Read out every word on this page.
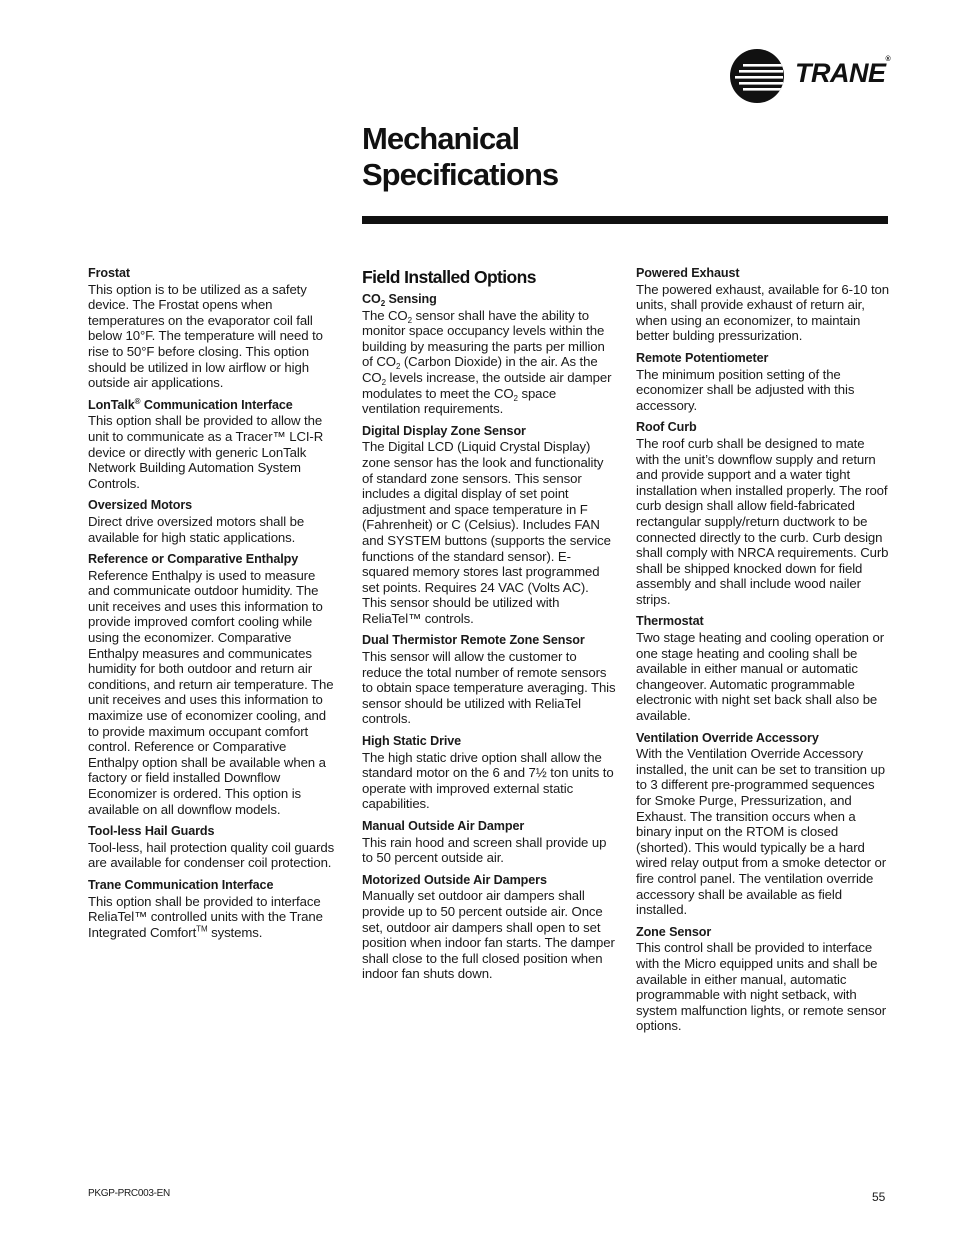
TRANE®
Mechanical
Specifications
Frostat

This option is to be utilized as a safety device. The Frostat opens when temperatures on the evaporator coil fall below 10°F. The temperature will need to rise to 50°F before closing. This option should be utilized in low airflow or high outside air applications.

LonTalk® Communication Interface

This option shall be provided to allow the unit to communicate as a Tracer™ LCI-R device or directly with generic LonTalk Network Building Automation System Controls.

Oversized Motors

Direct drive oversized motors shall be available for high static applications.

Reference or Comparative Enthalpy

Reference Enthalpy is used to measure and communicate outdoor humidity. The unit receives and uses this information to provide improved comfort cooling while using the economizer. Comparative Enthalpy measures and communicates humidity for both outdoor and return air conditions, and return air temperature. The unit receives and uses this information to maximize use of economizer cooling, and to provide maximum occupant comfort control. Reference or Comparative Enthalpy option shall be available when a factory or field installed Downflow Economizer is ordered. This option is available on all downflow models.

Tool-less Hail Guards

Tool-less, hail protection quality coil guards are available for condenser coil protection.

Trane Communication Interface

This option shall be provided to interface ReliaTel™ controlled units with the Trane Integrated Comfort™ systems.

Field Installed Options
$CO_2$ Sensing

The $CO_2$ sensor shall have the ability to monitor space occupancy levels within the building by measuring the parts per million of $CO_2$ (Carbon Dioxide) in the air. As the $CO_2$ levels increase, the outside air damper modulates to meet the $CO_2$ space ventilation requirements.

Digital Display Zone Sensor

The Digital LCD (Liquid Crystal Display) zone sensor has the look and functionality of standard zone sensors. This sensor includes a digital display of set point adjustment and space temperature in F (Fahrenheit) or C (Celsius). Includes FAN and SYSTEM buttons (supports the service functions of the standard sensor). E-squared memory stores last programmed set points. Requires 24 VAC (Volts AC). This sensor should be utilized with ReliaTel™ controls.

Dual Thermistor Remote Zone Sensor

This sensor will allow the customer to reduce the total number of remote sensors to obtain space temperature averaging. This sensor should be utilized with ReliaTel controls.

High Static Drive

The high static drive option shall allow the standard motor on the 6 and 7½ ton units to operate with improved external static capabilities.

Manual Outside Air Damper

This rain hood and screen shall provide up to 50 percent outside air.

Motorized Outside Air Dampers

Manually set outdoor air dampers shall provide up to 50 percent outside air. Once set, outdoor air dampers shall open to set position when indoor fan starts. The damper shall close to the full closed position when indoor fan shuts down.

Powered Exhaust

The powered exhaust, available for 6-10 ton units, shall provide exhaust of return air, when using an economizer, to maintain better bulding pressurization.

Remote Potentiometer

The minimum position setting of the economizer shall be adjusted with this accessory.

Roof Curb

The roof curb shall be designed to mate with the unit’s downflow supply and return and provide support and a water tight installation when installed properly. The roof curb design shall allow field-fabricated rectangular supply/return ductwork to be connected directly to the curb. Curb design shall comply with NRCA requirements. Curb shall be shipped knocked down for field assembly and shall include wood nailer strips.

Thermostat

Two stage heating and cooling operation or one stage heating and cooling shall be available in either manual or automatic changeover. Automatic programmable electronic with night set back shall also be available.

Ventilation Override Accessory

With the Ventilation Override Accessory installed, the unit can be set to transition up to 3 different pre-programmed sequences for Smoke Purge, Pressurization, and Exhaust. The transition occurs when a binary input on the RTOM is closed (shorted). This would typically be a hard wired relay output from a smoke detector or fire control panel. The ventilation override accessory shall be available as field installed.

Zone Sensor

This control shall be provided to interface with the Micro equipped units and shall be available in either manual, automatic programmable with night setback, with system malfunction lights, or remote sensor options.

PKGP-PRC003-EN	55
